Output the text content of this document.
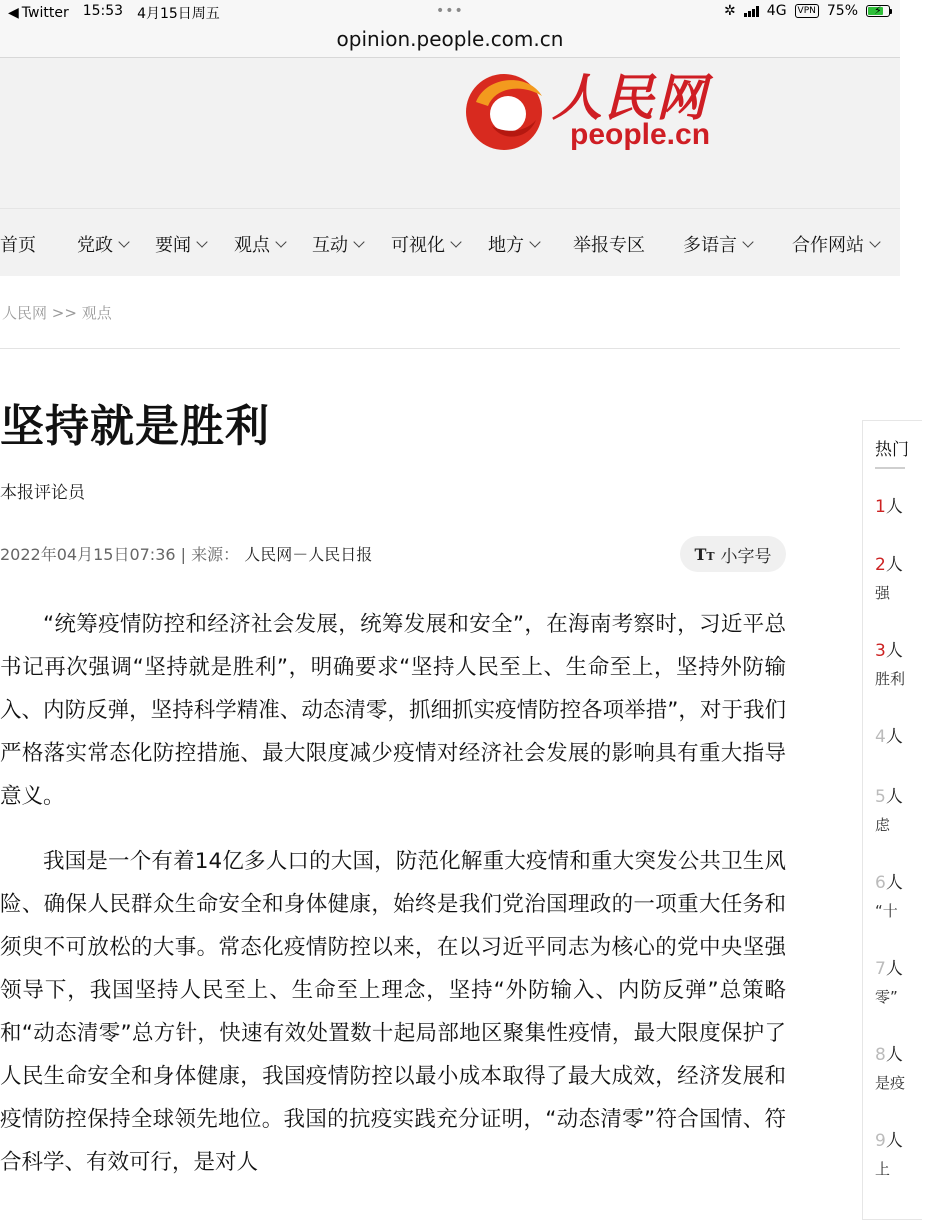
◀ Twitter 15:53 4月15日周五	•••	✲ 4G	VPN 75% ⚡
opinion.people.com.cn
人民网
people.cn
首页 党政 要闻 观点 互动 可视化 地方	举报专区 多语言	合作网站
人民网 >> 观点
坚持就是胜利
本报评论员
2022年04月15日07:36 | 来源： 人民网－人民日报	TT 小字号

“统筹疫情防控和经济社会发展，统筹发展和安全”，在海南考察时，习近平总书记再次强调“坚持就是胜利”，明确要求“坚持人民至上、生命至上，坚持外防输入、内防反弹，坚持科学精准、动态清零，抓细抓实疫情防控各项举措”，对于我们严格落实常态化防控措施、最大限度减少疫情对经济社会发展的影响具有重大指导意义。

我国是一个有着14亿多人口的大国，防范化解重大疫情和重大突发公共卫生风险、确保人民群众生命安全和身体健康，始终是我们党治国理政的一项重大任务和须臾不可放松的大事。常态化疫情防控以来，在以习近平同志为核心的党中央坚强领导下，我国坚持人民至上、生命至上理念，坚持“外防输入、内防反弹”总策略和“动态清零”总方针，快速有效处置数十起局部地区聚集性疫情，最大限度保护了人民生命安全和身体健康，我国疫情防控以最小成本取得了最大成效，经济发展和疫情防控保持全球领先地位。我国的抗疫实践充分证明，“动态清零”符合国情、符合科学、有效可行，是对人

热门
1人
2人
强
3人
胜利
4人
5人
虑
6人
“十
7人
零”
8人
是疫
9人
上
